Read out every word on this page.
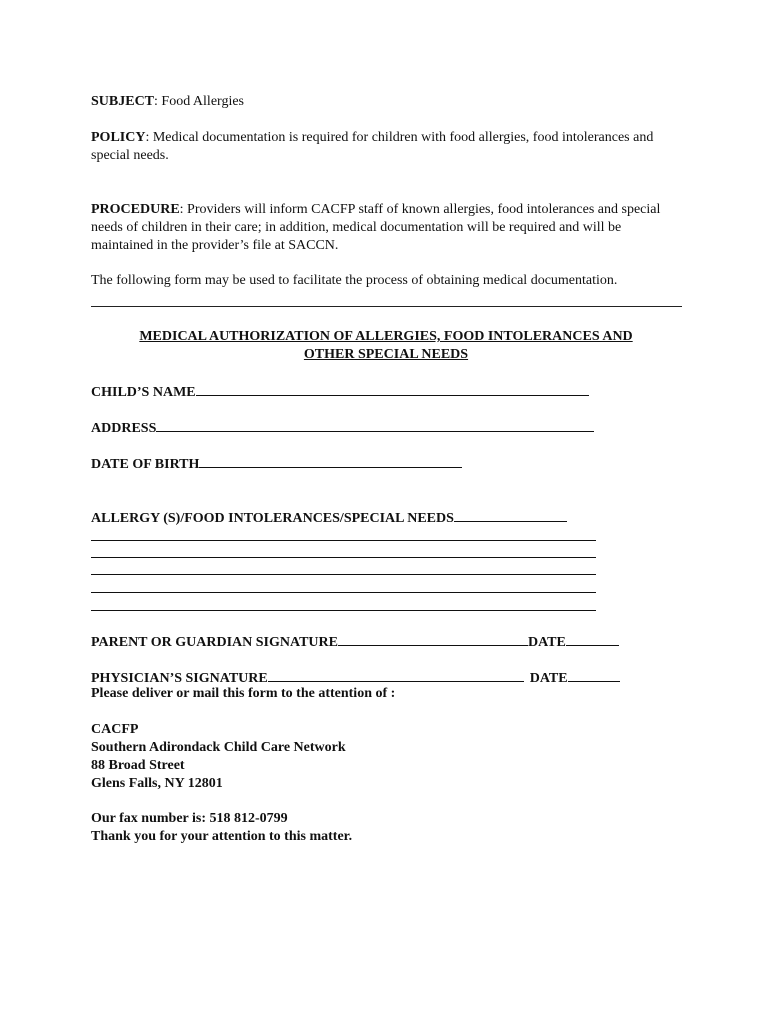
SUBJECT: Food Allergies

POLICY: Medical documentation is required for children with food allergies, food intolerances and special needs.

PROCEDURE: Providers will inform CACFP staff of known allergies, food intolerances and special needs of children in their care; in addition, medical documentation will be required and will be maintained in the provider’s file at SACCN.

The following form may be used to facilitate the process of obtaining medical documentation.

MEDICAL AUTHORIZATION OF ALLERGIES, FOOD INTOLERANCES AND

OTHER SPECIAL NEEDS

CHILD’S NAME

ADDRESS

DATE OF BIRTH

ALLERGY (S)/FOOD INTOLERANCES/SPECIAL NEEDS

PARENT OR GUARDIAN SIGNATURE	DATE

PHYSICIAN’S SIGNATURE	DATE

Please deliver or mail this form to the attention of :

CACFP
Southern Adirondack Child Care Network
88 Broad Street
Glens Falls, NY 12801
Our fax number is: 518 812-0799
Thank you for your attention to this matter.
